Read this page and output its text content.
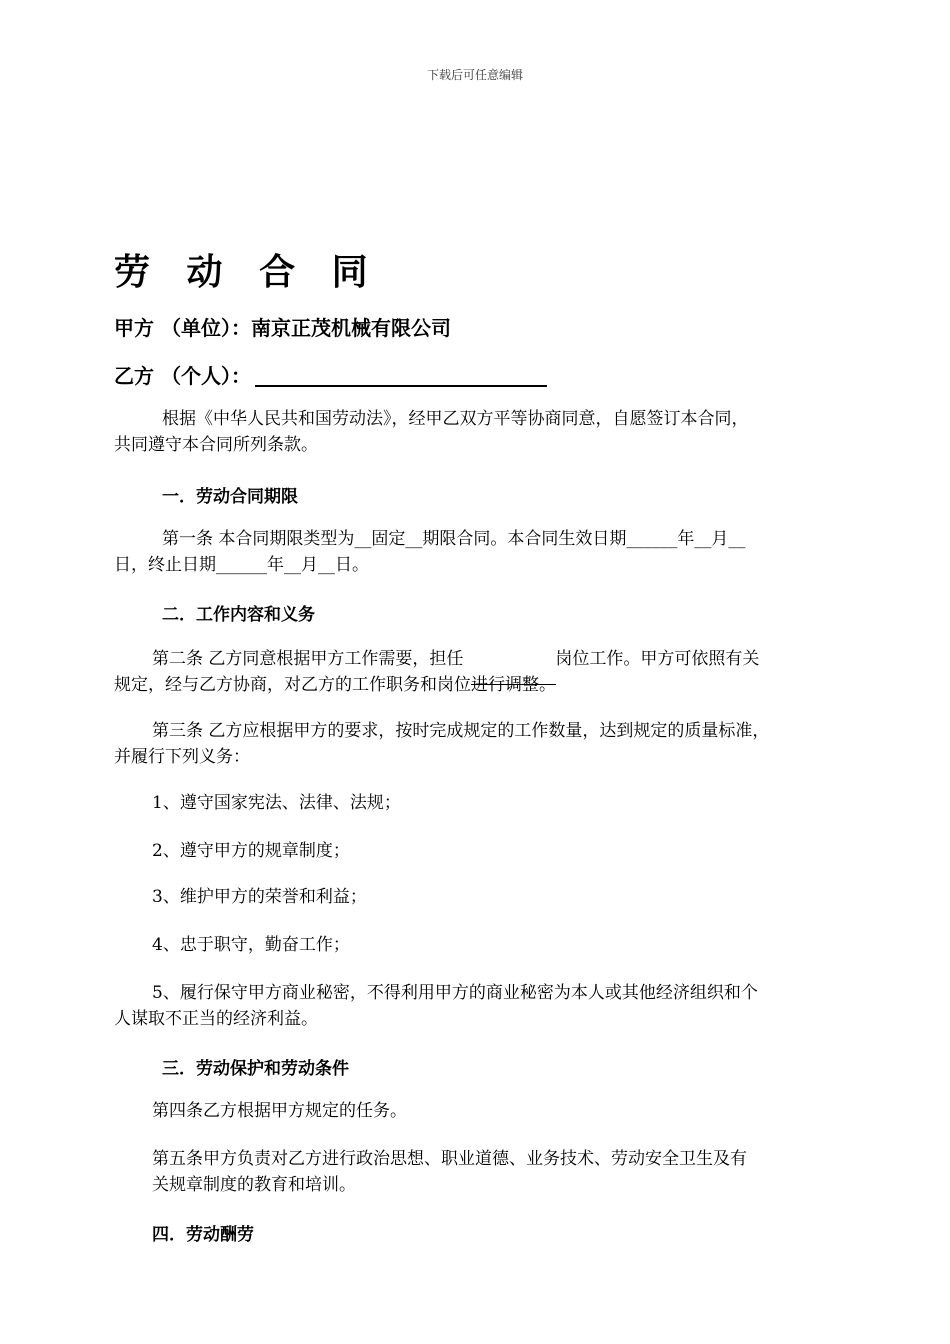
下载后可任意编辑
劳 动 合 同
甲方 （单位）：南京正茂机械有限公司
乙方 （个人）：
根据《中华人民共和国劳动法》，经甲乙双方平等协商同意，自愿签订本合同，
共同遵守本合同所列条款。
一．劳动合同期限
第一条 本合同期限类型为__固定__期限合同。本合同生效日期______年__月__
日，终止日期______年__月__日。
二．工作内容和义务
第二条 乙方同意根据甲方工作需要，担任	岗位工作。甲方可依照有关
规定，经与乙方协商，对乙方的工作职务和岗位进行调整。
第三条 乙方应根据甲方的要求，按时完成规定的工作数量，达到规定的质量标准，
并履行下列义务：
1、遵守国家宪法、法律、法规；
2、遵守甲方的规章制度；
3、维护甲方的荣誉和利益；
4、忠于职守，勤奋工作；
5、履行保守甲方商业秘密，不得利用甲方的商业秘密为本人或其他经济组织和个
人谋取不正当的经济利益。
三．劳动保护和劳动条件
第四条乙方根据甲方规定的任务。
第五条甲方负责对乙方进行政治思想、职业道德、业务技术、劳动安全卫生及有
关规章制度的教育和培训。
四．劳动酬劳
